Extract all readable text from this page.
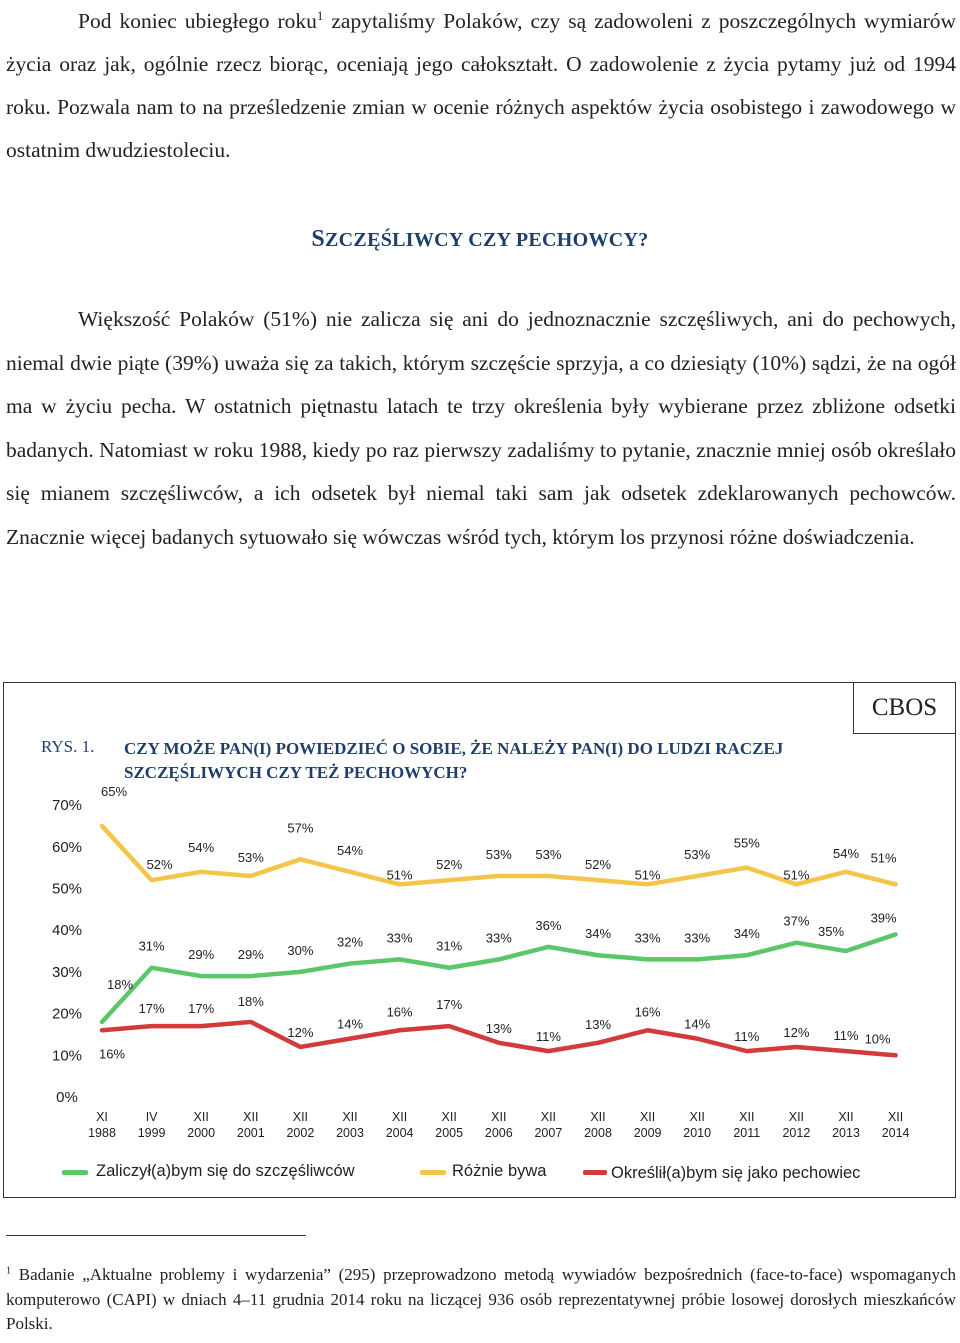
Pod koniec ubiegłego roku$^1$ zapytaliśmy Polaków, czy są zadowoleni z poszczególnych wymiarów życia oraz jak, ogólnie rzecz biorąc, oceniają jego całokształt. O zadowolenie z życia pytamy już od 1994 roku. Pozwala nam to na prześledzenie zmian w ocenie różnych aspektów życia osobistego i zawodowego w ostatnim dwudziestoleciu.
SZCZĘŚLIWCY CZY PECHOWCY?
Większość Polaków (51%) nie zalicza się ani do jednoznacznie szczęśliwych, ani do pechowych, niemal dwie piąte (39%) uważa się za takich, którym szczęście sprzyja, a co dziesiąty (10%) sądzi, że na ogół ma w życiu pecha. W ostatnich piętnastu latach te trzy określenia były wybierane przez zbliżone odsetki badanych. Natomiast w roku 1988, kiedy po raz pierwszy zadaliśmy to pytanie, znacznie mniej osób określało się mianem szczęśliwców, a ich odsetek był niemal taki sam jak odsetek zdeklarowanych pechowców. Znacznie więcej badanych sytuowało się wówczas wśród tych, którym los przynosi różne doświadczenia.
CBOS
RYS. 1. CZY MOŻE PAN(I) POWIEDZIEĆ O SOBIE, ŻE NALEŻY PAN(I) DO LUDZI RACZEJ SZCZĘŚLIWYCH CZY TEŻ PECHOWYCH?
0%
10%
20%
30%
40%
50%
60%
70%
XI
1988
IV
1999
XII
2000
XII
2001
XII
2002
XII
2003
XII
2004
XII
2005
XII
2006
XII
2007
XII
2008
XII
2009
XII
2010
XII
2011
XII
2012
XII
2013
XII
2014
18%
31%
29% 29% 30%
32% 33%
31%
33%
36%
34% 33% 33% 34%
37%
35%
39%
65%
52%
54%
53%
57%
54%
51%
52%
53% 53%
52%
51%
53%
55%
51%
54% 51%
16%
17% 17% 18%
12%
14%
16% 17%
13%
11%
13%
16%
14%
11% 12% 11% 10%
Zaliczył(a)bym się do szczęśliwców	Różnie bywa	Określił(a)bym się jako pechowiec
$^1$ Badanie „Aktualne problemy i wydarzenia” (295) przeprowadzono metodą wywiadów bezpośrednich (face-to-face) wspomaganych komputerowo (CAPI) w dniach 4–11 grudnia 2014 roku na liczącej 936 osób reprezentatywnej próbie losowej dorosłych mieszkańców Polski.
